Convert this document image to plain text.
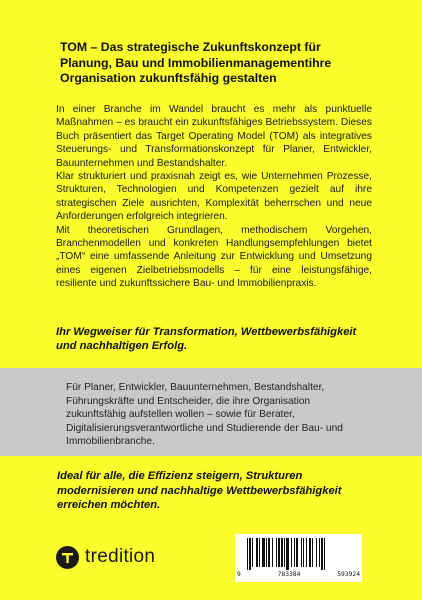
TOM – Das strategische Zukunftskonzept für Planung, Bau und Immobilienmanagementihre Organisation zukunftsfähig gestalten

In einer Branche im Wandel braucht es mehr als punktuelle Maßnahmen – es braucht ein zukunftsfähiges Betriebssystem. Dieses Buch präsentiert das Target Operating Model (TOM) als integratives Steuerungs- und Transformationskonzept für Planer, Entwickler, Bauunternehmen und Bestandshalter.

Klar strukturiert und praxisnah zeigt es, wie Unternehmen Prozesse, Strukturen, Technologien und Kompetenzen gezielt auf ihre strategischen Ziele ausrichten, Komplexität beherrschen und neue Anforderungen erfolgreich integrieren.

Mit theoretischen Grundlagen, methodischem Vorgehen, Branchenmodellen und konkreten Handlungsempfehlungen bietet „TOM“ eine umfassende Anleitung zur Entwicklung und Umsetzung eines eigenen Zielbetriebsmodells – für eine leistungsfähige, resiliente und zukunftssichere Bau- und Immobilienpraxis.

Ihr Wegweiser für Transformation, Wettbewerbsfähigkeit und nachhaltigen Erfolg.
Für Planer, Entwickler, Bauunternehmen, Bestandshalter, Führungskräfte und Entscheider, die ihre Organisation zukunftsfähig aufstellen wollen – sowie für Berater, Digitalisierungsverantwortliche und Studierende der Bau- und Immobilienbranche.
Ideal für alle, die Effizienz steigern, Strukturen modernisieren und nachhaltige Wettbewerbsfähigkeit erreichen möchten.
tredition
9	783384	593924
